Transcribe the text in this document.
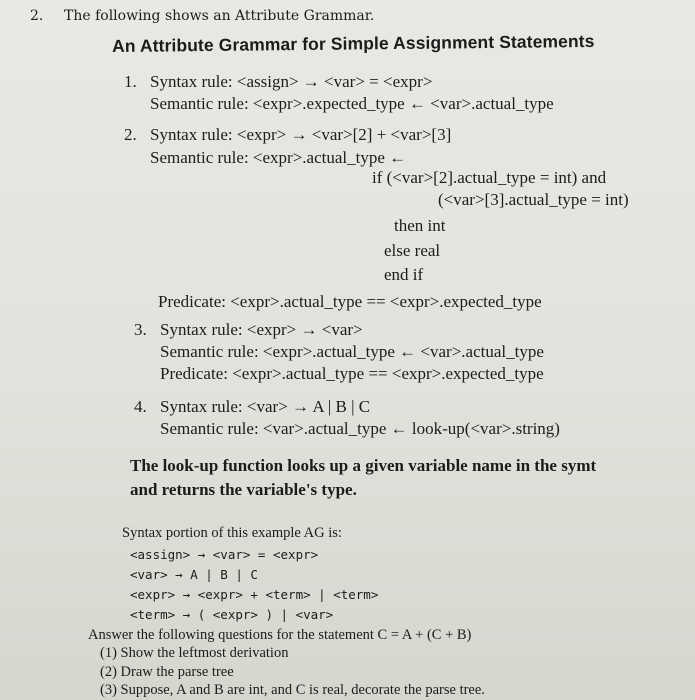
2. The following shows an Attribute Grammar.
An Attribute Grammar for Simple Assignment Statements
1. Syntax rule: <assign> → <var> = <expr>
Semantic rule: <expr>.expected_type ← <var>.actual_type
2. Syntax rule: <expr> → <var>[2] + <var>[3]
Semantic rule: <expr>.actual_type ←
if (<var>[2].actual_type = int) and
(<var>[3].actual_type = int)
then int
else real
end if
Predicate: <expr>.actual_type == <expr>.expected_type
3. Syntax rule: <expr> → <var>
Semantic rule: <expr>.actual_type ← <var>.actual_type
Predicate: <expr>.actual_type == <expr>.expected_type
4. Syntax rule: <var> → A | B | C
Semantic rule: <var>.actual_type ← look-up(<var>.string)
The look-up function looks up a given variable name in the symt
and returns the variable's type.
Syntax portion of this example AG is:
<assign> → <var> = <expr>
<var> → A | B | C
<expr> → <expr> + <term> | <term>
<term> → ( <expr> ) | <var>
Answer the following questions for the statement C = A + (C + B)
(1) Show the leftmost derivation
(2) Draw the parse tree
(3) Suppose, A and B are int, and C is real, decorate the parse tree.
